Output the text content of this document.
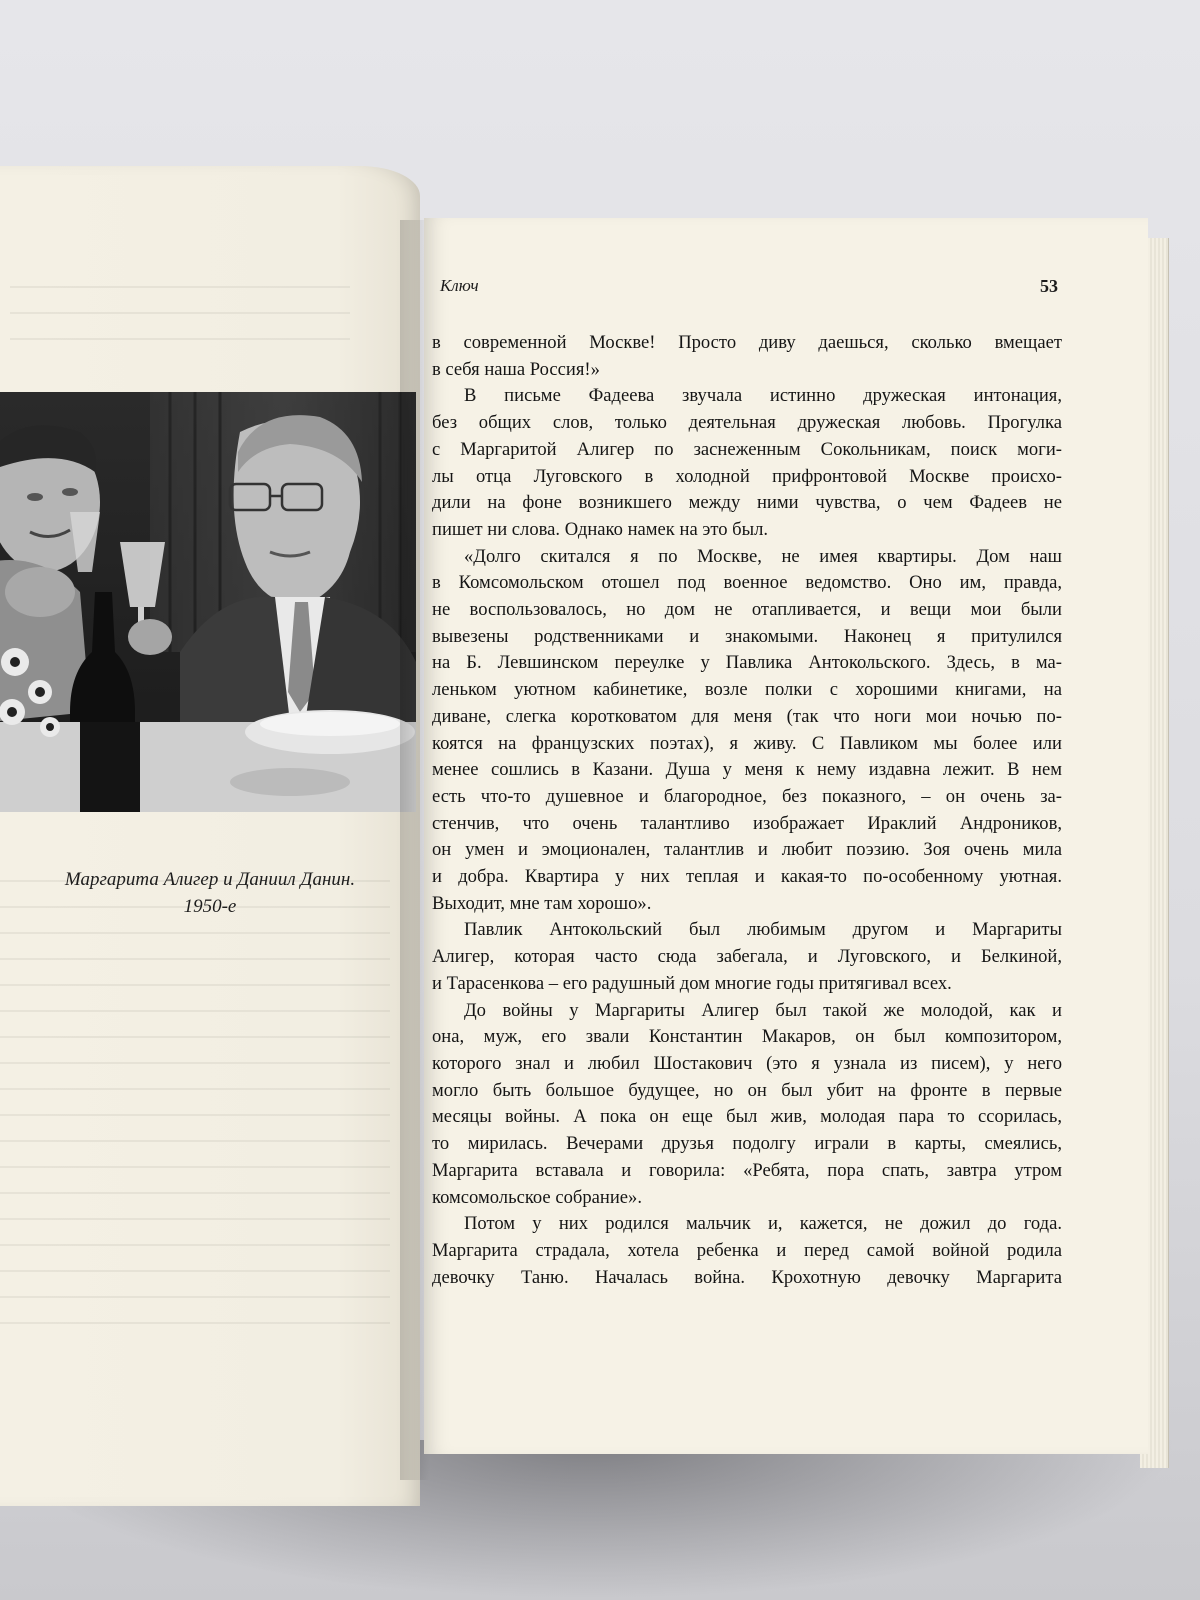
Маргарита Алигер и Даниил Данин.
1950-е
Ключ	53

в современной Москве! Просто диву даешься, сколько вмещает

в себя наша Россия!»

В письме Фадеева звучала истинно дружеская интонация,

без общих слов, только деятельная дружеская любовь. Прогулка

с Маргаритой Алигер по заснеженным Сокольникам, поиск моги-

лы отца Луговского в холодной прифронтовой Москве происхо-

дили на фоне возникшего между ними чувства, о чем Фадеев не

пишет ни слова. Однако намек на это был.

«Долго скитался я по Москве, не имея квартиры. Дом наш

в Комсомольском отошел под военное ведомство. Оно им, правда,

не воспользовалось, но дом не отапливается, и вещи мои были

вывезены родственниками и знакомыми. Наконец я притулился

на Б. Левшинском переулке у Павлика Антокольского. Здесь, в ма-

леньком уютном кабинетике, возле полки с хорошими книгами, на

диване, слегка коротковатом для меня (так что ноги мои ночью по-

коятся на французских поэтах), я живу. С Павликом мы более или

менее сошлись в Казани. Душа у меня к нему издавна лежит. В нем

есть что-то душевное и благородное, без показного, – он очень за-

стенчив, что очень талантливо изображает Ираклий Андроников,

он умен и эмоционален, талантлив и любит поэзию. Зоя очень мила

и добра. Квартира у них теплая и какая-то по-особенному уютная.

Выходит, мне там хорошо».

Павлик Антокольский был любимым другом и Маргариты

Алигер, которая часто сюда забегала, и Луговского, и Белкиной,

и Тарасенкова – его радушный дом многие годы притягивал всех.

До войны у Маргариты Алигер был такой же молодой, как и

она, муж, его звали Константин Макаров, он был композитором,

которого знал и любил Шостакович (это я узнала из писем), у него

могло быть большое будущее, но он был убит на фронте в первые

месяцы войны. А пока он еще был жив, молодая пара то ссорилась,

то мирилась. Вечерами друзья подолгу играли в карты, смеялись,

Маргарита вставала и говорила: «Ребята, пора спать, завтра утром

комсомольское собрание».

Потом у них родился мальчик и, кажется, не дожил до года.

Маргарита страдала, хотела ребенка и перед самой войной родила

девочку Таню. Началась война. Крохотную девочку Маргарита
